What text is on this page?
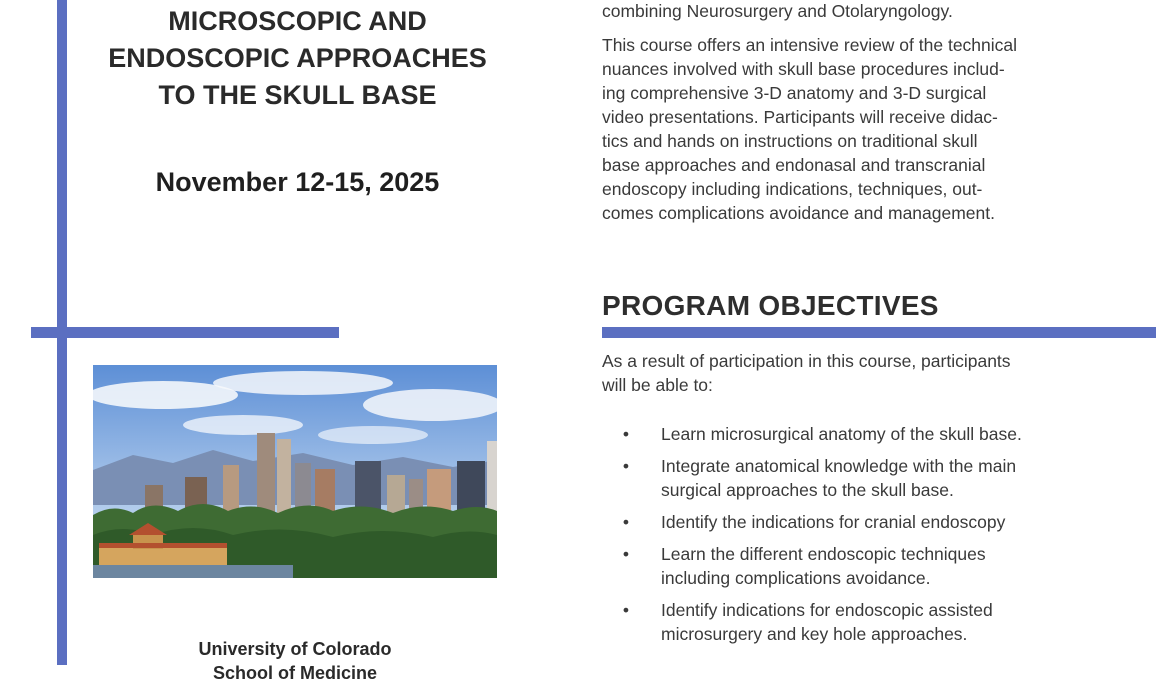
MICROSCOPIC AND
ENDOSCOPIC APPROACHES
TO THE SKULL BASE
November 12-15, 2025
University of Colorado
School of Medicine
combining Neurosurgery and Otolaryngology.
This course offers an intensive review of the technical
nuances involved with skull base procedures includ-
ing comprehensive 3-D anatomy and 3-D surgical
video presentations. Participants will receive didac-
tics and hands on instructions on traditional skull
base approaches and endonasal and transcranial
endoscopy including indications, techniques, out-
comes complications avoidance and management.
PROGRAM OBJECTIVES
As a result of participation in this course, participants
will be able to:
• Learn microsurgical anatomy of the skull base.
• Integrate anatomical knowledge with the main
surgical approaches to the skull base.
• Identify the indications for cranial endoscopy
• Learn the different endoscopic techniques
including complications avoidance.
• Identify indications for endoscopic assisted
microsurgery and key hole approaches.
